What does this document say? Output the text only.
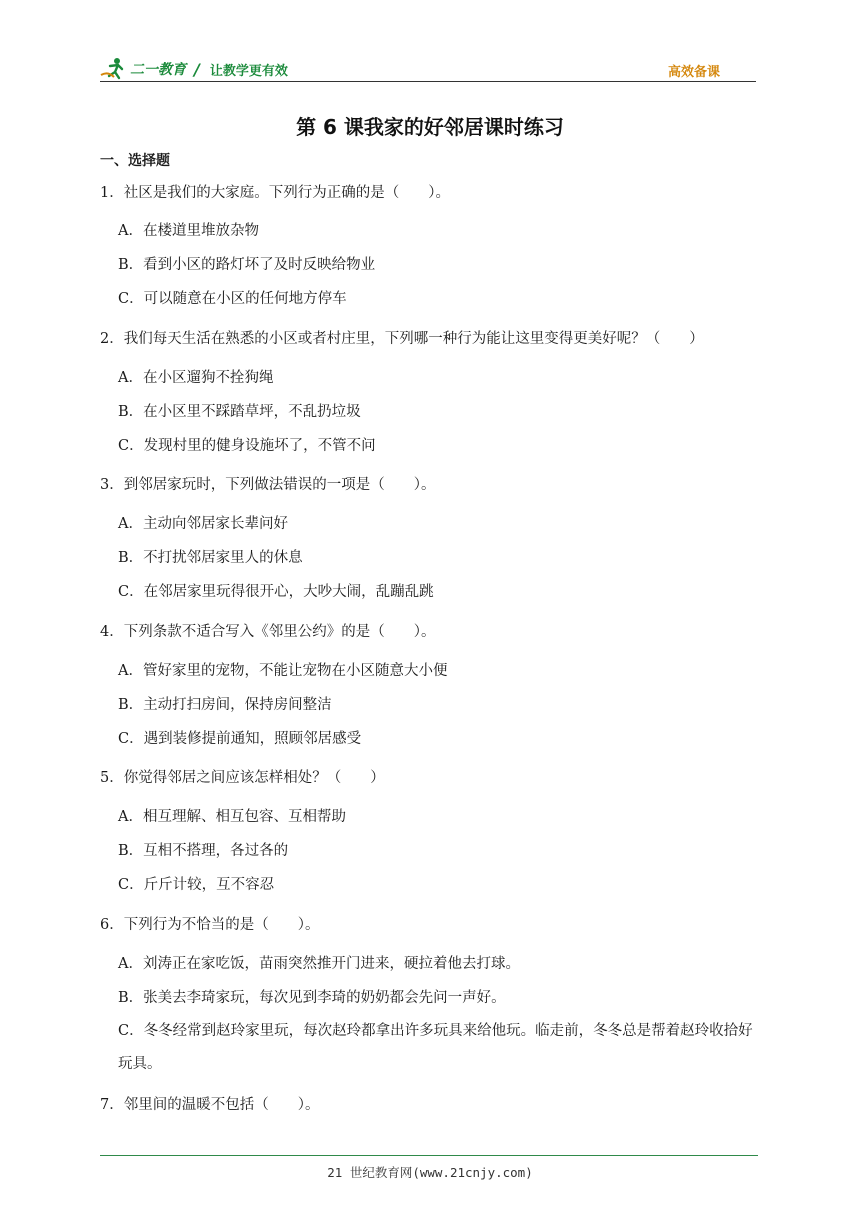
二一教育 / 让教学更有效	高效备课
第 6 课我家的好邻居课时练习
一、选择题
1．社区是我们的大家庭。下列行为正确的是（　　）。
A．在楼道里堆放杂物
B．看到小区的路灯坏了及时反映给物业
C．可以随意在小区的任何地方停车
2．我们每天生活在熟悉的小区或者村庄里，下列哪一种行为能让这里变得更美好呢？（　　）
A．在小区遛狗不拴狗绳
B．在小区里不踩踏草坪，不乱扔垃圾
C．发现村里的健身设施坏了，不管不问
3．到邻居家玩时，下列做法错误的一项是（　　）。
A．主动向邻居家长辈问好
B．不打扰邻居家里人的休息
C．在邻居家里玩得很开心，大吵大闹，乱蹦乱跳
4．下列条款不适合写入《邻里公约》的是（　　）。
A．管好家里的宠物，不能让宠物在小区随意大小便
B．主动打扫房间，保持房间整洁
C．遇到装修提前通知，照顾邻居感受
5．你觉得邻居之间应该怎样相处？（　　）
A．相互理解、相互包容、互相帮助
B．互相不搭理，各过各的
C．斤斤计较，互不容忍
6．下列行为不恰当的是（　　）。
A．刘涛正在家吃饭，苗雨突然推开门进来，硬拉着他去打球。
B．张美去李琦家玩，每次见到李琦的奶奶都会先问一声好。
C．冬冬经常到赵玲家里玩，每次赵玲都拿出许多玩具来给他玩。临走前，冬冬总是帮着赵玲收拾好玩具。
7．邻里间的温暖不包括（　　）。
21 世纪教育网(www.21cnjy.com)
